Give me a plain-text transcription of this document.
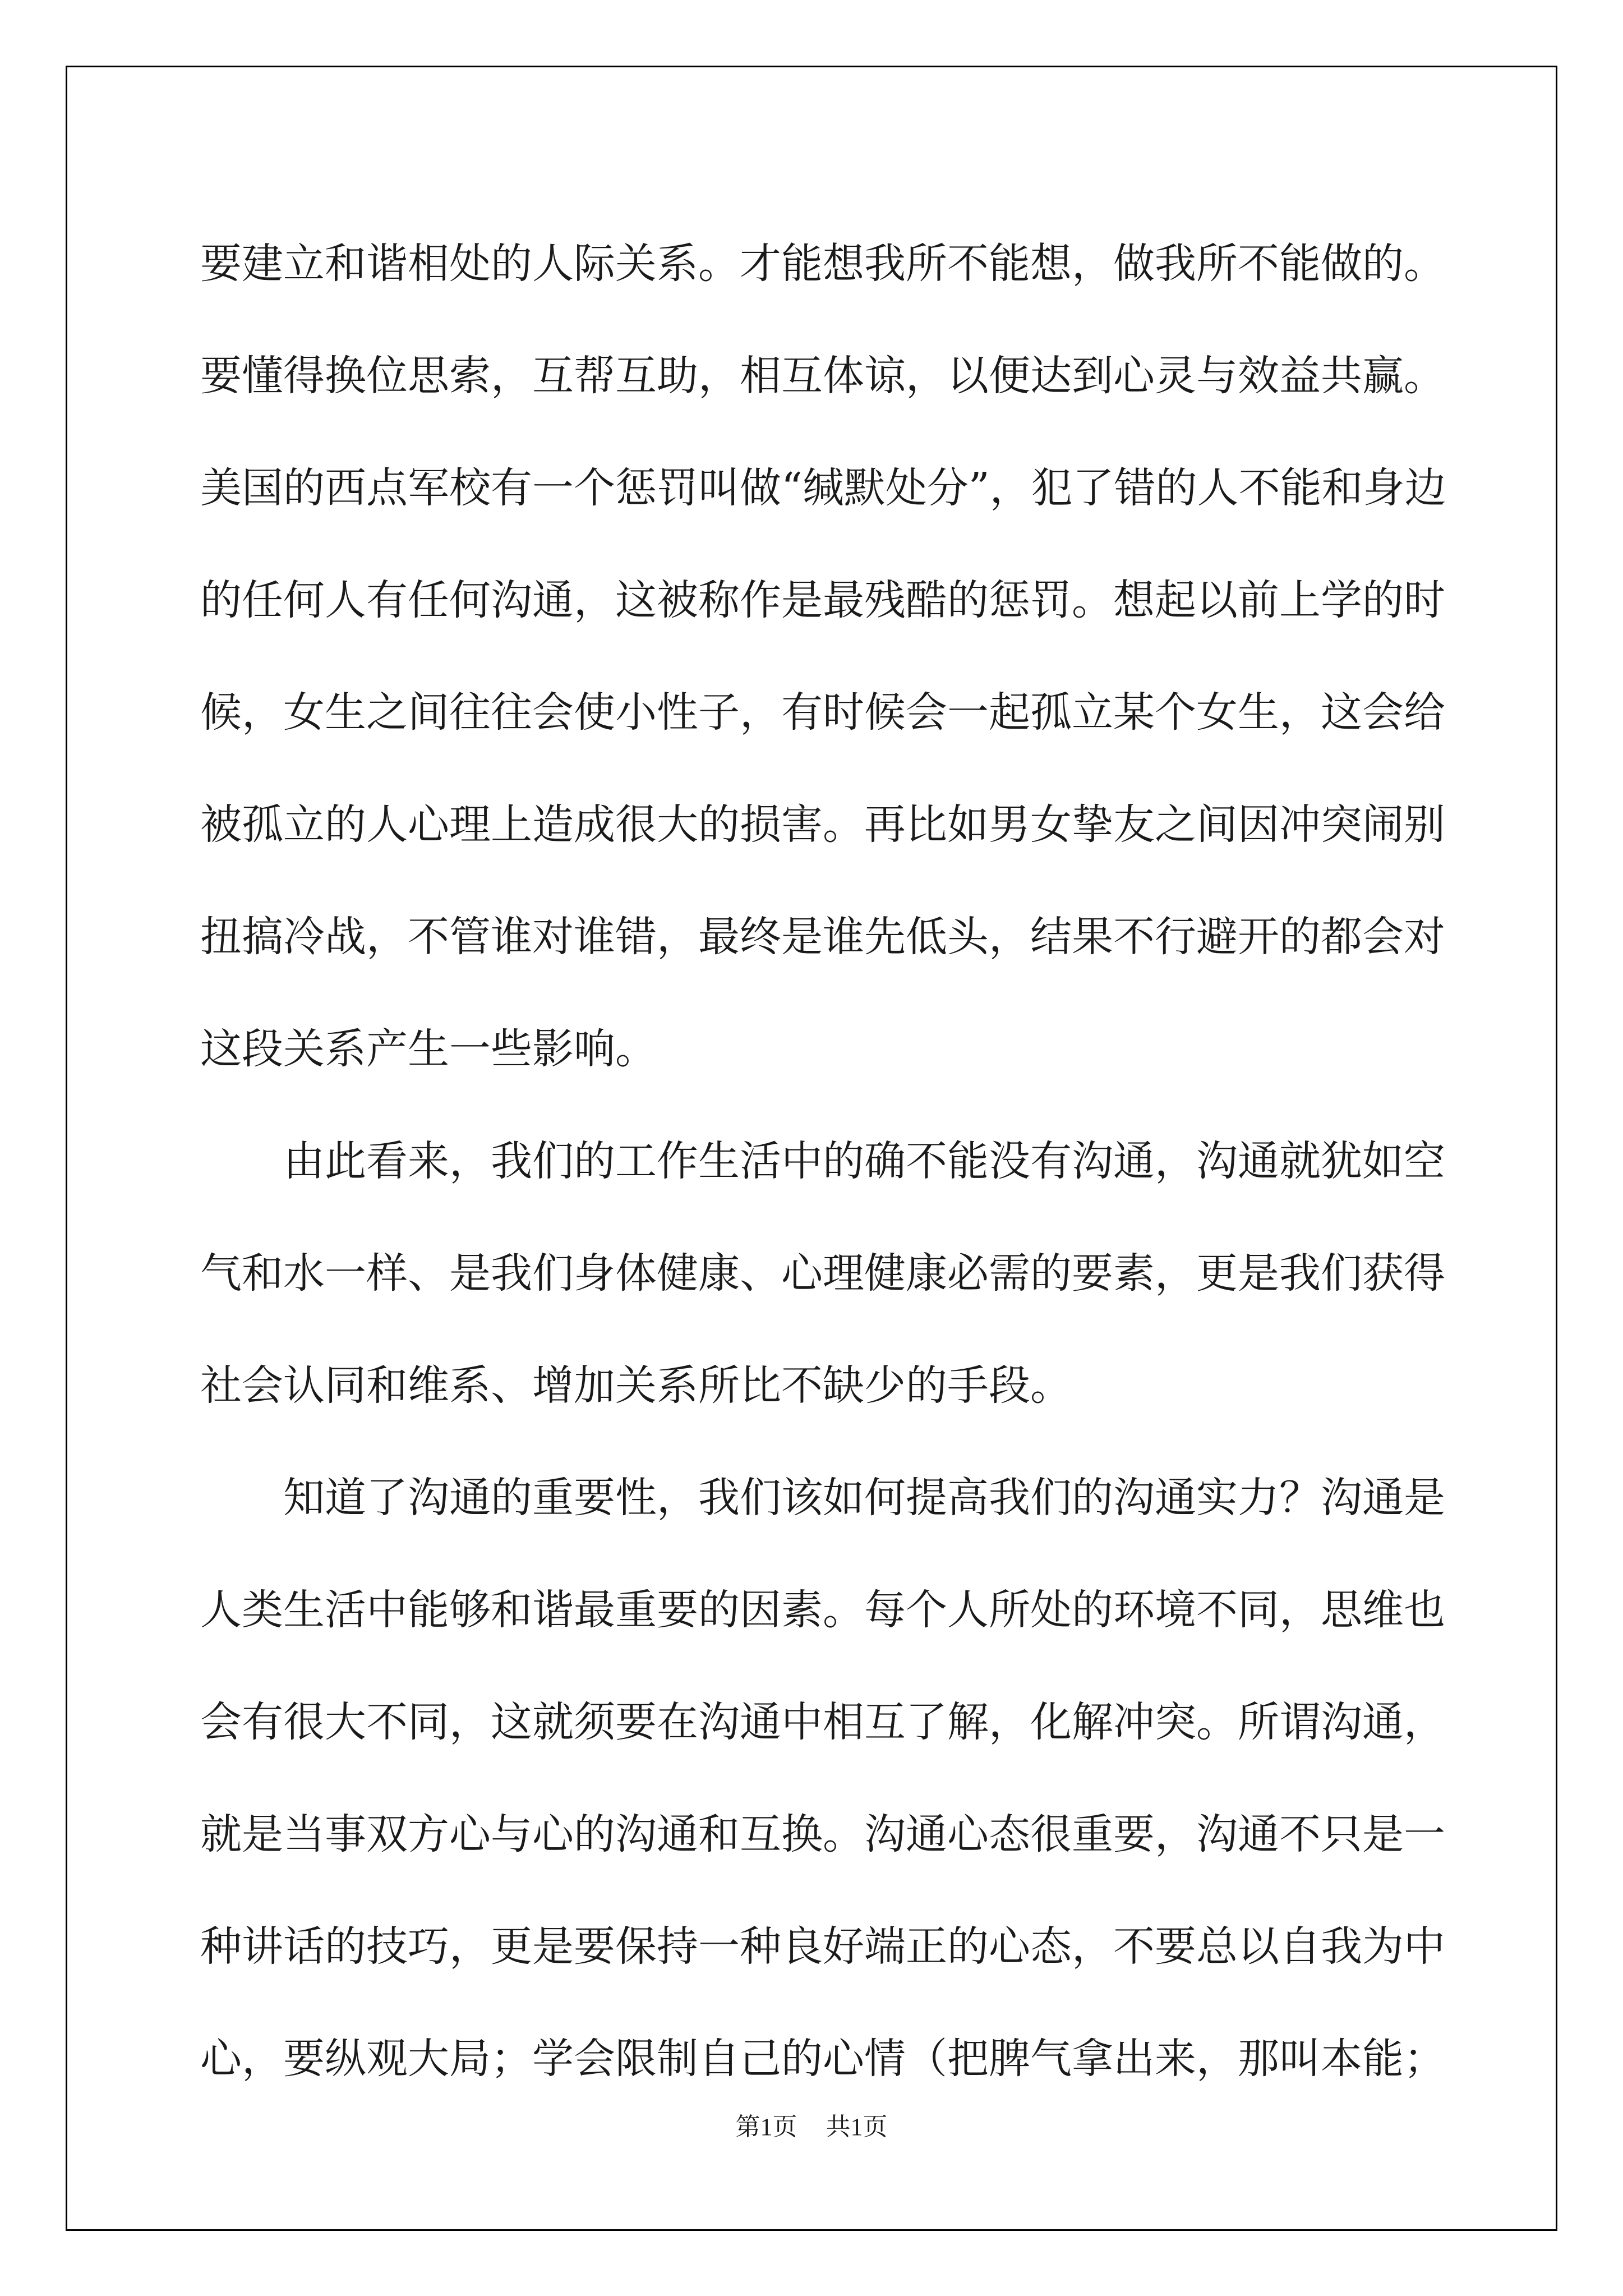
要建立和谐相处的人际关系。才能想我所不能想，做我所不能做的。
要懂得换位思索，互帮互助，相互体谅，以便达到心灵与效益共赢。
美国的西点军校有一个惩罚叫做“缄默处分”，犯了错的人不能和身边
的任何人有任何沟通，这被称作是最残酷的惩罚。想起以前上学的时
候，女生之间往往会使小性子，有时候会一起孤立某个女生，这会给
被孤立的人心理上造成很大的损害。再比如男女挚友之间因冲突闹别
扭搞冷战，不管谁对谁错，最终是谁先低头，结果不行避开的都会对
这段关系产生一些影响。
由此看来，我们的工作生活中的确不能没有沟通，沟通就犹如空
气和水一样、是我们身体健康、心理健康必需的要素，更是我们获得
社会认同和维系、增加关系所比不缺少的手段。
知道了沟通的重要性，我们该如何提高我们的沟通实力？沟通是
人类生活中能够和谐最重要的因素。每个人所处的环境不同，思维也
会有很大不同，这就须要在沟通中相互了解，化解冲突。所谓沟通，
就是当事双方心与心的沟通和互换。沟通心态很重要，沟通不只是一
种讲话的技巧，更是要保持一种良好端正的心态，不要总以自我为中
心，要纵观大局；学会限制自己的心情（把脾气拿出来，那叫本能；
第1页 共1页
